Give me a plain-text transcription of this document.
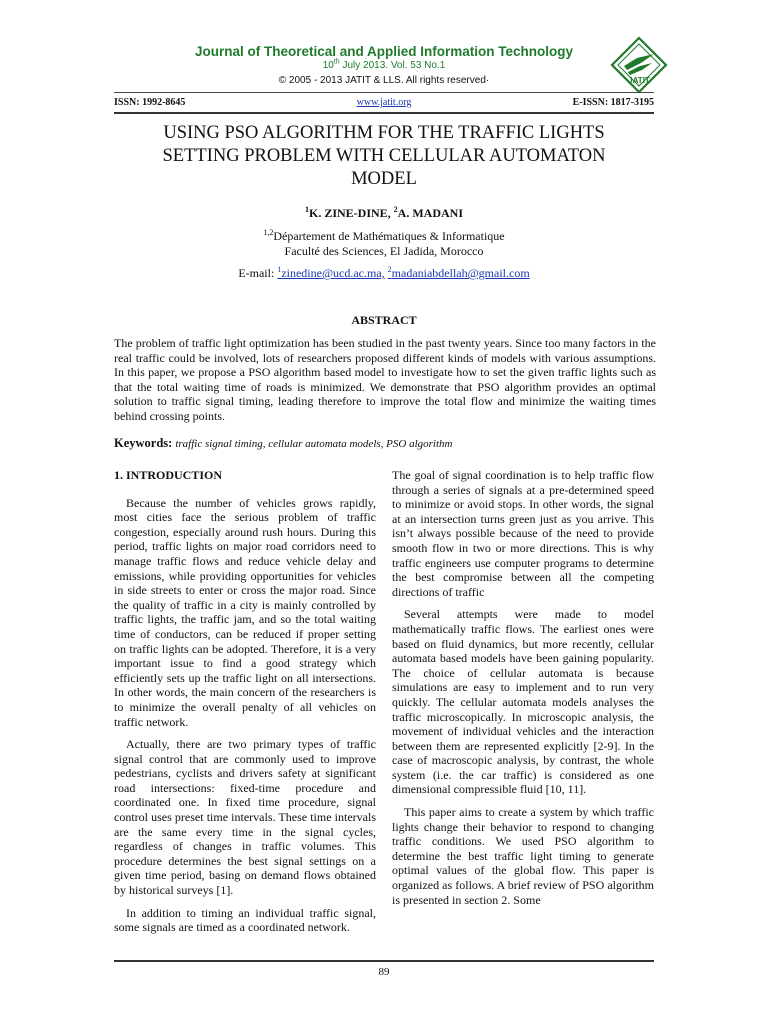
Journal of Theoretical and Applied Information Technology
10th July 2013. Vol. 53 No.1
© 2005 - 2013 JATIT & LLS. All rights reserved·	JATIT
ISSN: 1992-8645	www.jatit.org	E-ISSN: 1817-3195
USING PSO ALGORITHM FOR THE TRAFFIC LIGHTS
SETTING PROBLEM WITH CELLULAR AUTOMATON
MODEL
$^1$K. ZINE-DINE, $^2$A. MADANI
$^{1,2}$Département de Mathématiques & Informatique
Faculté des Sciences, El Jadida, Morocco
E-mail: $^1$zinedine@ucd.ac.ma, $^2$madaniabdellah@gmail.com
ABSTRACT
The problem of traffic light optimization has been studied in the past twenty years. Since too many factors in the real traffic could be involved, lots of researchers proposed different kinds of models with various assumptions. In this paper, we propose a PSO algorithm based model to investigate how to set the given traffic lights such as that the total waiting time of roads is minimized. We demonstrate that PSO algorithm provides an optimal solution to traffic signal timing, leading therefore to improve the total flow and minimize the waiting times behind crossing points.
Keywords: traffic signal timing, cellular automata models, PSO algorithm
1. INTRODUCTION

Because the number of vehicles grows rapidly, most cities face the serious problem of traffic congestion, especially around rush hours. During this period, traffic lights on major road corridors need to manage traffic flows and reduce vehicle delay and emissions, while providing opportunities for vehicles in side streets to enter or cross the major road. Since the quality of traffic in a city is mainly controlled by traffic lights, the traffic jam, and so the total waiting time of conductors, can be reduced if proper setting on traffic lights can be adopted. Therefore, it is a very important issue to find a good strategy which efficiently sets up the traffic light on all intersections. In other words, the main concern of the researchers is to minimize the overall penalty of all vehicles on traffic network.

Actually, there are two primary types of traffic signal control that are commonly used to improve pedestrians, cyclists and drivers safety at significant road intersections: fixed-time procedure and coordinated one. In fixed time procedure, signal control uses preset time intervals. These time intervals are the same every time in the signal cycles, regardless of changes in traffic volumes. This procedure determines the best signal settings on a given time period, basing on demand flows obtained by historical surveys [1].

In addition to timing an individual traffic signal, some signals are timed as a coordinated network.

The goal of signal coordination is to help traffic flow through a series of signals at a pre-determined speed to minimize or avoid stops. In other words, the signal at an intersection turns green just as you arrive. This isn’t always possible because of the need to provide smooth flow in two or more directions. This is why traffic engineers use computer programs to determine the best compromise between all the competing directions of traffic

Several attempts were made to model mathematically traffic flows. The earliest ones were based on fluid dynamics, but more recently, cellular automata based models have been gaining popularity. The choice of cellular automata is because simulations are easy to implement and to run very quickly. The cellular automata models analyses the traffic microscopically. In microscopic analysis, the movement of individual vehicles and the interaction between them are represented explicitly [2-9]. In the case of macroscopic analysis, by contrast, the whole system (i.e. the car traffic) is considered as one dimensional compressible fluid [10, 11].

This paper aims to create a system by which traffic lights change their behavior to respond to changing traffic conditions. We used PSO algorithm to determine the best traffic light timing to generate optimal values of the global flow. This paper is organized as follows. A brief review of PSO algorithm is presented in section 2. Some

89
